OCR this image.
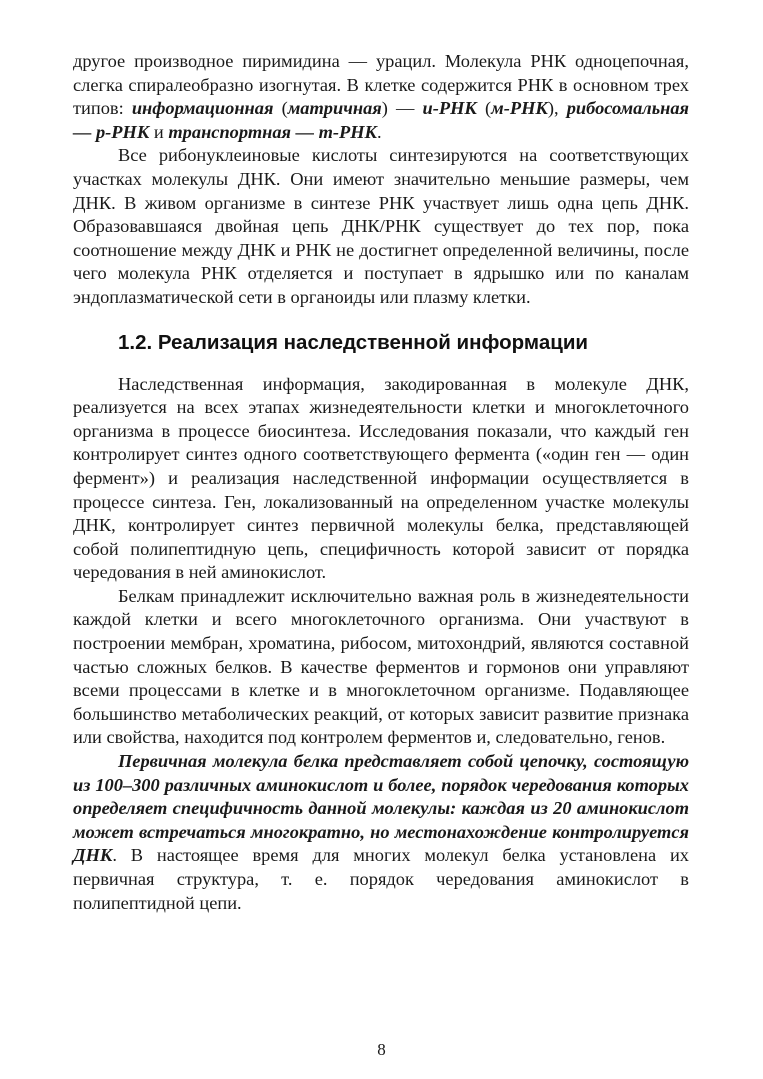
другое производное пиримидина — урацил. Молекула РНК одноцепочная, слегка спиралеобразно изогнутая. В клетке содержится РНК в основном трех типов: информационная (матричная) — и-РНК (м-РНК), рибосомальная — р-РНК и транспортная — т-РНК.

Все рибонуклеиновые кислоты синтезируются на соответствующих участках молекулы ДНК. Они имеют значительно меньшие размеры, чем ДНК. В живом организме в синтезе РНК участвует лишь одна цепь ДНК. Образовавшаяся двойная цепь ДНК/РНК существует до тех пор, пока соотношение между ДНК и РНК не достигнет определенной величины, после чего молекула РНК отделяется и поступает в ядрышко или по каналам эндоплазматической сети в органоиды или плазму клетки.

1.2. Реализация наследственной информации

Наследственная информация, закодированная в молекуле ДНК, реализуется на всех этапах жизнедеятельности клетки и многоклеточного организма в процессе биосинтеза. Исследования показали, что каждый ген контролирует синтез одного соответствующего фермента («один ген — один фермент») и реализация наследственной информации осуществляется в процессе синтеза. Ген, локализованный на определенном участке молекулы ДНК, контролирует синтез первичной молекулы белка, представляющей собой полипептидную цепь, специфичность которой зависит от порядка чередования в ней аминокислот.

Белкам принадлежит исключительно важная роль в жизнедеятельности каждой клетки и всего многоклеточного организма. Они участвуют в построении мембран, хроматина, рибосом, митохондрий, являются составной частью сложных белков. В качестве ферментов и гормонов они управляют всеми процессами в клетке и в многоклеточном организме. Подавляющее большинство метаболических реакций, от которых зависит развитие признака или свойства, находится под контролем ферментов и, следовательно, генов.

Первичная молекула белка представляет собой цепочку, состоящую из 100–300 различных аминокислот и более, порядок чередования которых определяет специфичность данной молекулы: каждая из 20 аминокислот может встречаться многократно, но местонахождение контролируется ДНК. В настоящее время для многих молекул белка установлена их первичная структура, т. е. порядок чередования аминокислот в полипептидной цепи.

8
